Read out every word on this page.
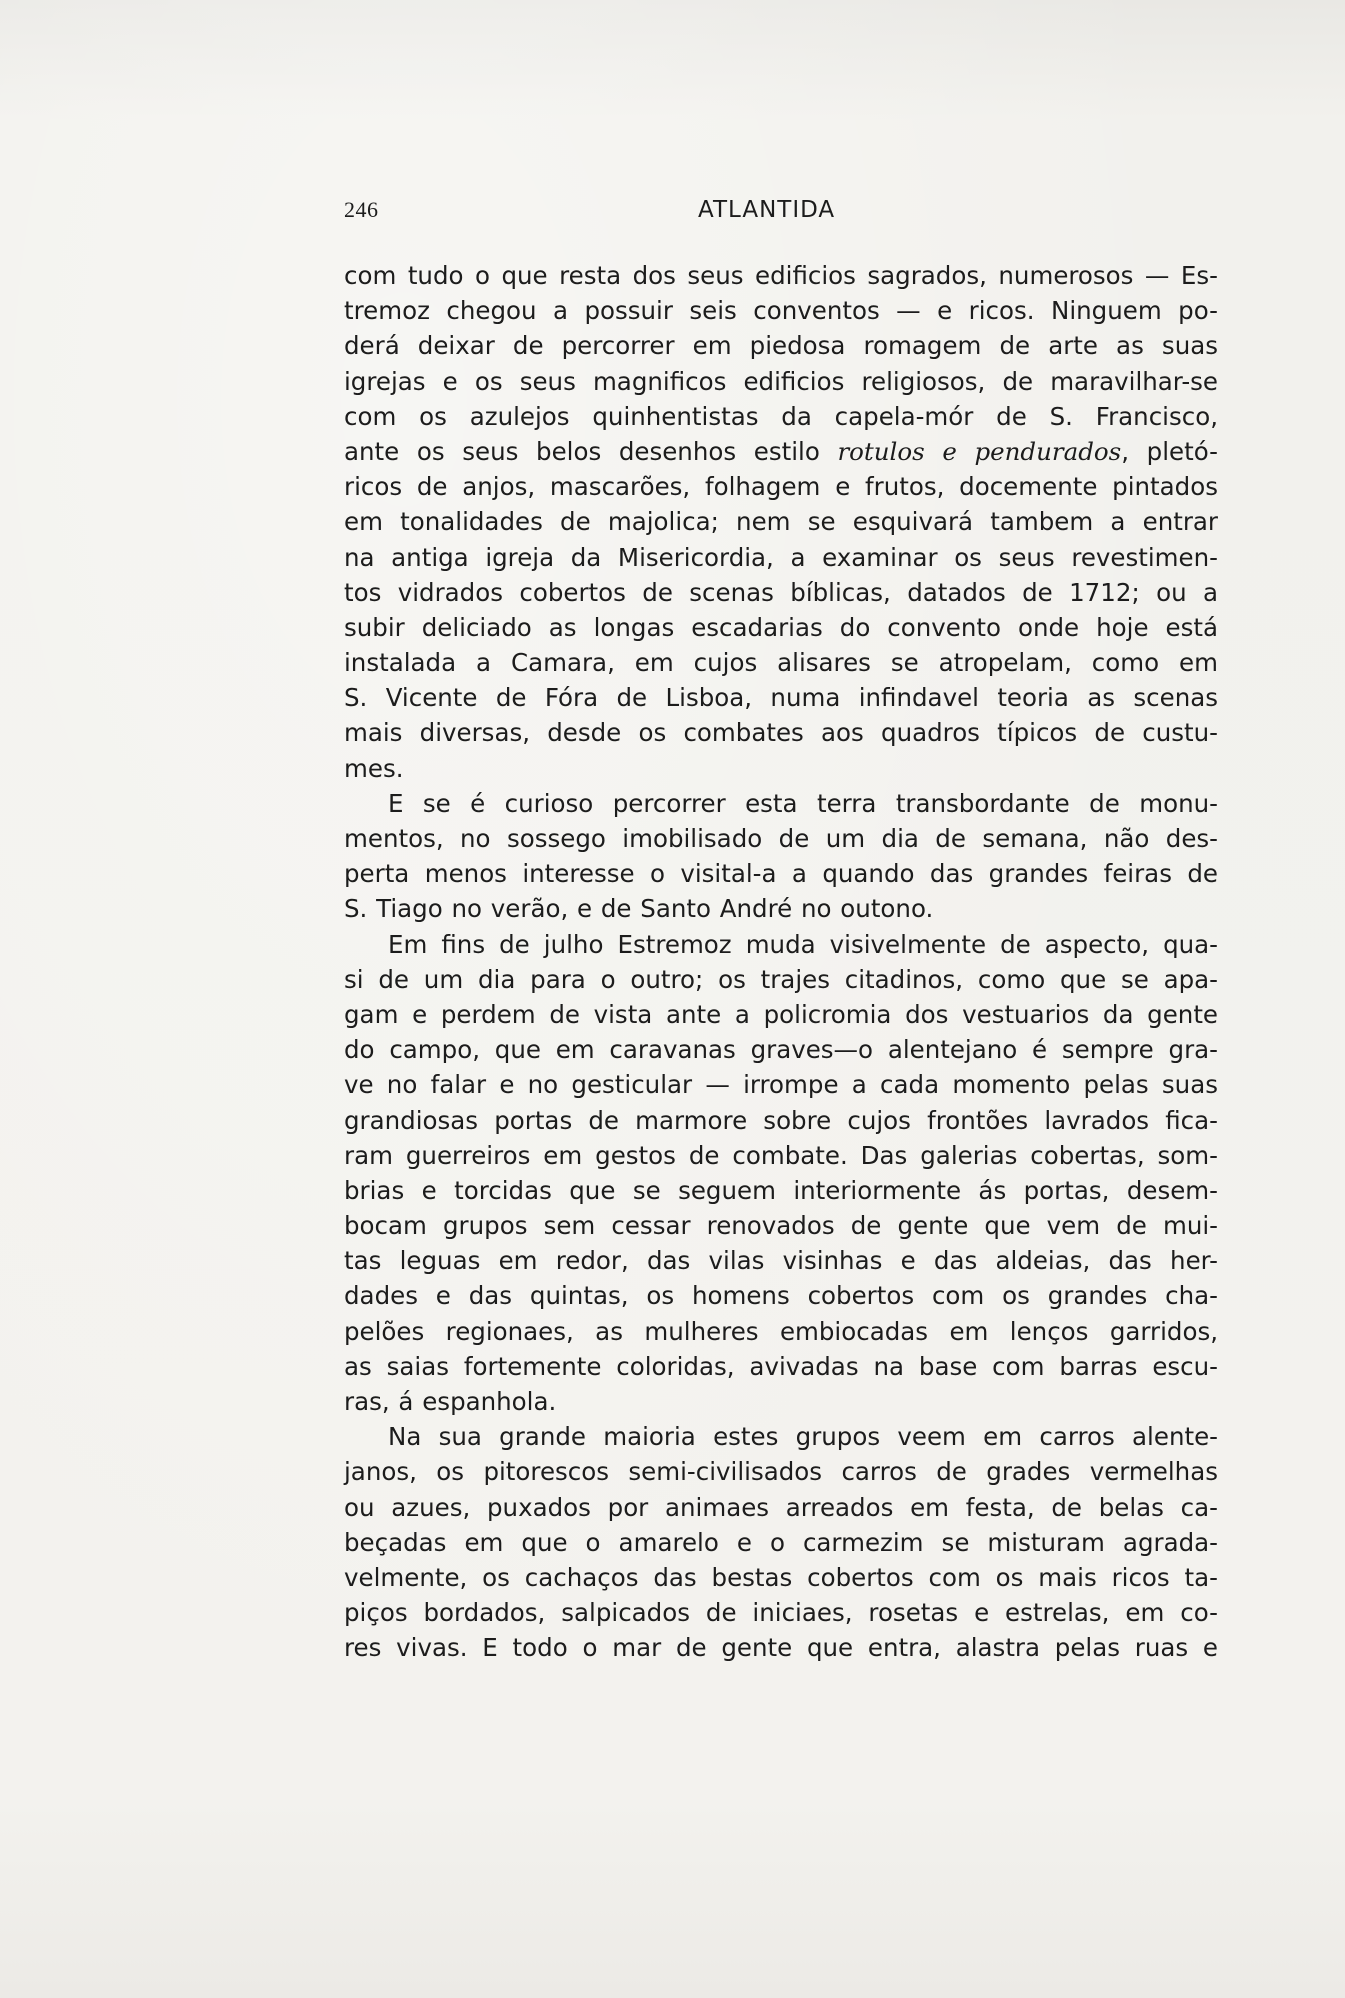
246	ATLANTIDA
com tudo o que resta dos seus edificios sagrados, numerosos — Es-
tremoz chegou a possuir seis conventos — e ricos. Ninguem po-
derá deixar de percorrer em piedosa romagem de arte as suas
igrejas e os seus magnificos edificios religiosos, de maravilhar-se
com os azulejos quinhentistas da capela-mór de S. Francisco,
ante os seus belos desenhos estilo rotulos e pendurados, pletó-
ricos de anjos, mascarões, folhagem e frutos, docemente pintados
em tonalidades de majolica; nem se esquivará tambem a entrar
na antiga igreja da Misericordia, a examinar os seus revestimen-
tos vidrados cobertos de scenas bíblicas, datados de 1712; ou a
subir deliciado as longas escadarias do convento onde hoje está
instalada a Camara, em cujos alisares se atropelam, como em
S. Vicente de Fóra de Lisboa, numa infindavel teoria as scenas
mais diversas, desde os combates aos quadros típicos de custu-
mes.
E se é curioso percorrer esta terra transbordante de monu-
mentos, no sossego imobilisado de um dia de semana, não des-
perta menos interesse o visital-a a quando das grandes feiras de
S. Tiago no verão, e de Santo André no outono.
Em fins de julho Estremoz muda visivelmente de aspecto, qua-
si de um dia para o outro; os trajes citadinos, como que se apa-
gam e perdem de vista ante a policromia dos vestuarios da gente
do campo, que em caravanas graves—o alentejano é sempre gra-
ve no falar e no gesticular — irrompe a cada momento pelas suas
grandiosas portas de marmore sobre cujos frontões lavrados fica-
ram guerreiros em gestos de combate. Das galerias cobertas, som-
brias e torcidas que se seguem interiormente ás portas, desem-
bocam grupos sem cessar renovados de gente que vem de mui-
tas leguas em redor, das vilas visinhas e das aldeias, das her-
dades e das quintas, os homens cobertos com os grandes cha-
pelões regionaes, as mulheres embiocadas em lenços garridos,
as saias fortemente coloridas, avivadas na base com barras escu-
ras, á espanhola.
Na sua grande maioria estes grupos veem em carros alente-
janos, os pitorescos semi-civilisados carros de grades vermelhas
ou azues, puxados por animaes arreados em festa, de belas ca-
beçadas em que o amarelo e o carmezim se misturam agrada-
velmente, os cachaços das bestas cobertos com os mais ricos ta-
piços bordados, salpicados de iniciaes, rosetas e estrelas, em co-
res vivas. E todo o mar de gente que entra, alastra pelas ruas e
